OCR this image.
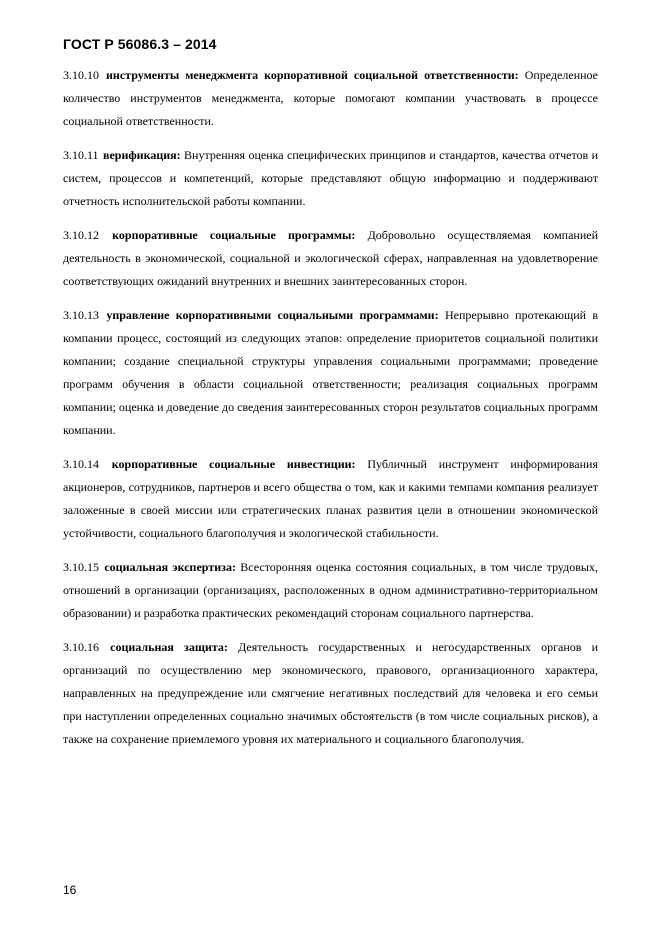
ГОСТ Р 56086.3 – 2014

3.10.10 инструменты менеджмента корпоративной социальной ответственности: Определенное количество инструментов менеджмента, которые помогают компании участвовать в процессе социальной ответственности.

3.10.11 верификация: Внутренняя оценка специфических принципов и стандартов, качества отчетов и систем, процессов и компетенций, которые представляют общую информацию и поддерживают отчетность исполнительской работы компании.

3.10.12 корпоративные социальные программы: Добровольно осуществляемая компанией деятельность в экономической, социальной и экологической сферах, направленная на удовлетворение соответствующих ожиданий внутренних и внешних заинтересованных сторон.

3.10.13 управление корпоративными социальными программами: Непрерывно протекающий в компании процесс, состоящий из следующих этапов: определение приоритетов социальной политики компании; создание специальной структуры управления социальными программами; проведение программ обучения в области социальной ответственности; реализация социальных программ компании; оценка и доведение до сведения заинтересованных сторон результатов социальных программ компании.

3.10.14 корпоративные социальные инвестиции: Публичный инструмент информирования акционеров, сотрудников, партнеров и всего общества о том, как и какими темпами компания реализует заложенные в своей миссии или стратегических планах развития цели в отношении экономической устойчивости, социального благополучия и экологической стабильности.

3.10.15 социальная экспертиза: Всесторонняя оценка состояния социальных, в том числе трудовых, отношений в организации (организациях, расположенных в одном административно-территориальном образовании) и разработка практических рекомендаций сторонам социального партнерства.

3.10.16 социальная защита: Деятельность государственных и негосударственных органов и организаций по осуществлению мер экономического, правового, организационного характера, направленных на предупреждение или смягчение негативных последствий для человека и его семьи при наступлении определенных социально значимых обстоятельств (в том числе социальных рисков), а также на сохранение приемлемого уровня их материального и социального благополучия.

16
